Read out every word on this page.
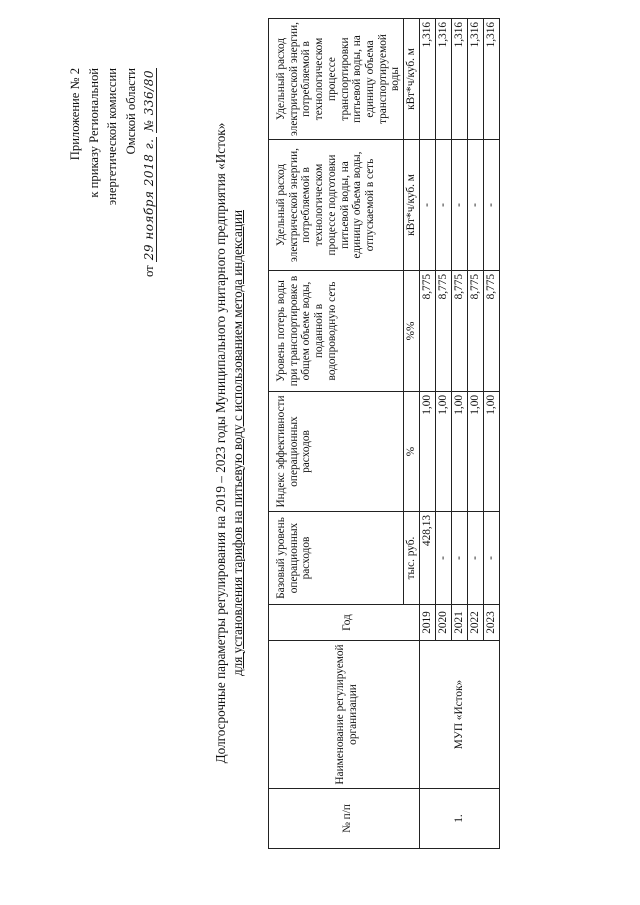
Приложение № 2 к приказу Региональной энергетической комиссии Омской области
от 29 ноября 2018 г. № 336/80
Долгосрочные параметры регулирования на 2019 – 2023 годы Муниципального унитарного предприятия «Исток» для установления тарифов на питьевую воду с использованием метода индексации
№ п/п	Наименование регулируемой организации	Год	Базовый уровень операционных расходов	Индекс эффективности операционных расходов	Уровень потерь воды при транспортировке в общем объеме воды, поданной в водопроводную сеть	Удельный расход электрической энергии, потребляемой в технологическом процессе подготовки питьевой воды, на единицу объема воды, отпускаемой в сеть	Удельный расход электрической энергии, потребляемой в технологическом процессе транспортировки питьевой воды, на единицу объема транспортируемой воды
			тыс. руб.	%	%%	кВт*ч/куб. м	кВт*ч/куб. м
1.	МУП «Исток»	2019	428,13	1,00	8,775	-	1,316
		2020	-	1,00	8,775	-	1,316
		2021	-	1,00	8,775	-	1,316
		2022	-	1,00	8,775	-	1,316
		2023	-	1,00	8,775	-	1,316
